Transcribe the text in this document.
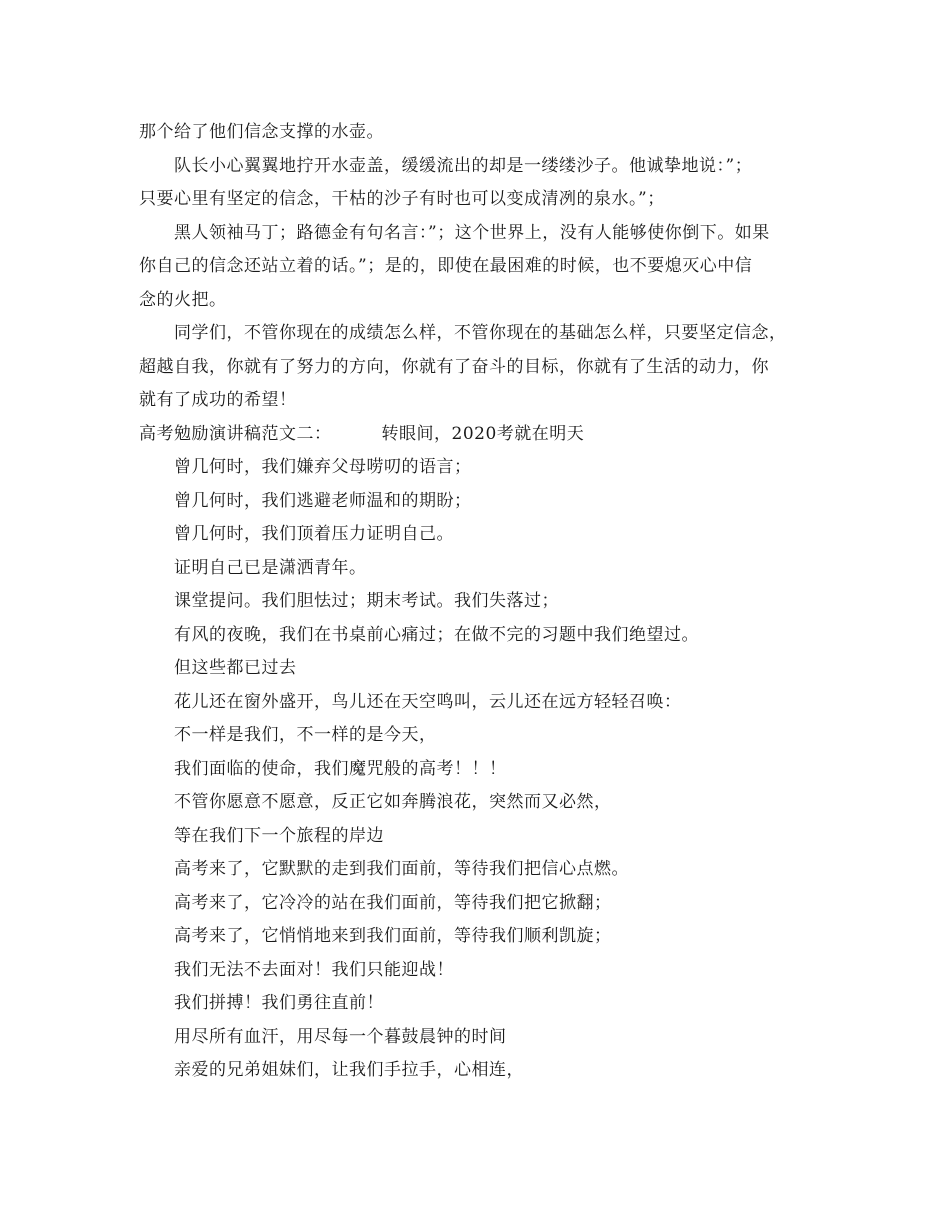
那个给了他们信念支撑的水壶。
队长小心翼翼地拧开水壶盖，缓缓流出的却是一缕缕沙子。他诚挚地说：”；
只要心里有坚定的信念，干枯的沙子有时也可以变成清冽的泉水。”；
黑人领袖马丁；路德金有句名言：”；这个世界上，没有人能够使你倒下。如果
你自己的信念还站立着的话。”；是的，即使在最困难的时候，也不要熄灭心中信
念的火把。
同学们，不管你现在的成绩怎么样，不管你现在的基础怎么样，只要坚定信念，
超越自我，你就有了努力的方向，你就有了奋斗的目标，你就有了生活的动力，你
就有了成功的希望！
高考勉励演讲稿范文二：	转眼间，2020考就在明天
曾几何时，我们嫌弃父母唠叨的语言；
曾几何时，我们逃避老师温和的期盼；
曾几何时，我们顶着压力证明自己。
证明自己已是潇洒青年。
课堂提问。我们胆怯过；期末考试。我们失落过；
有风的夜晚，我们在书桌前心痛过；在做不完的习题中我们绝望过。
但这些都已过去
花儿还在窗外盛开，鸟儿还在天空鸣叫，云儿还在远方轻轻召唤：
不一样是我们，不一样的是今天，
我们面临的使命，我们魔咒般的高考！！！
不管你愿意不愿意，反正它如奔腾浪花，突然而又必然，
等在我们下一个旅程的岸边
高考来了，它默默的走到我们面前，等待我们把信心点燃。
高考来了，它冷冷的站在我们面前，等待我们把它掀翻；
高考来了，它悄悄地来到我们面前，等待我们顺利凯旋；
我们无法不去面对！我们只能迎战！
我们拼搏！我们勇往直前！
用尽所有血汗，用尽每一个暮鼓晨钟的时间
亲爱的兄弟姐妹们，让我们手拉手，心相连，
